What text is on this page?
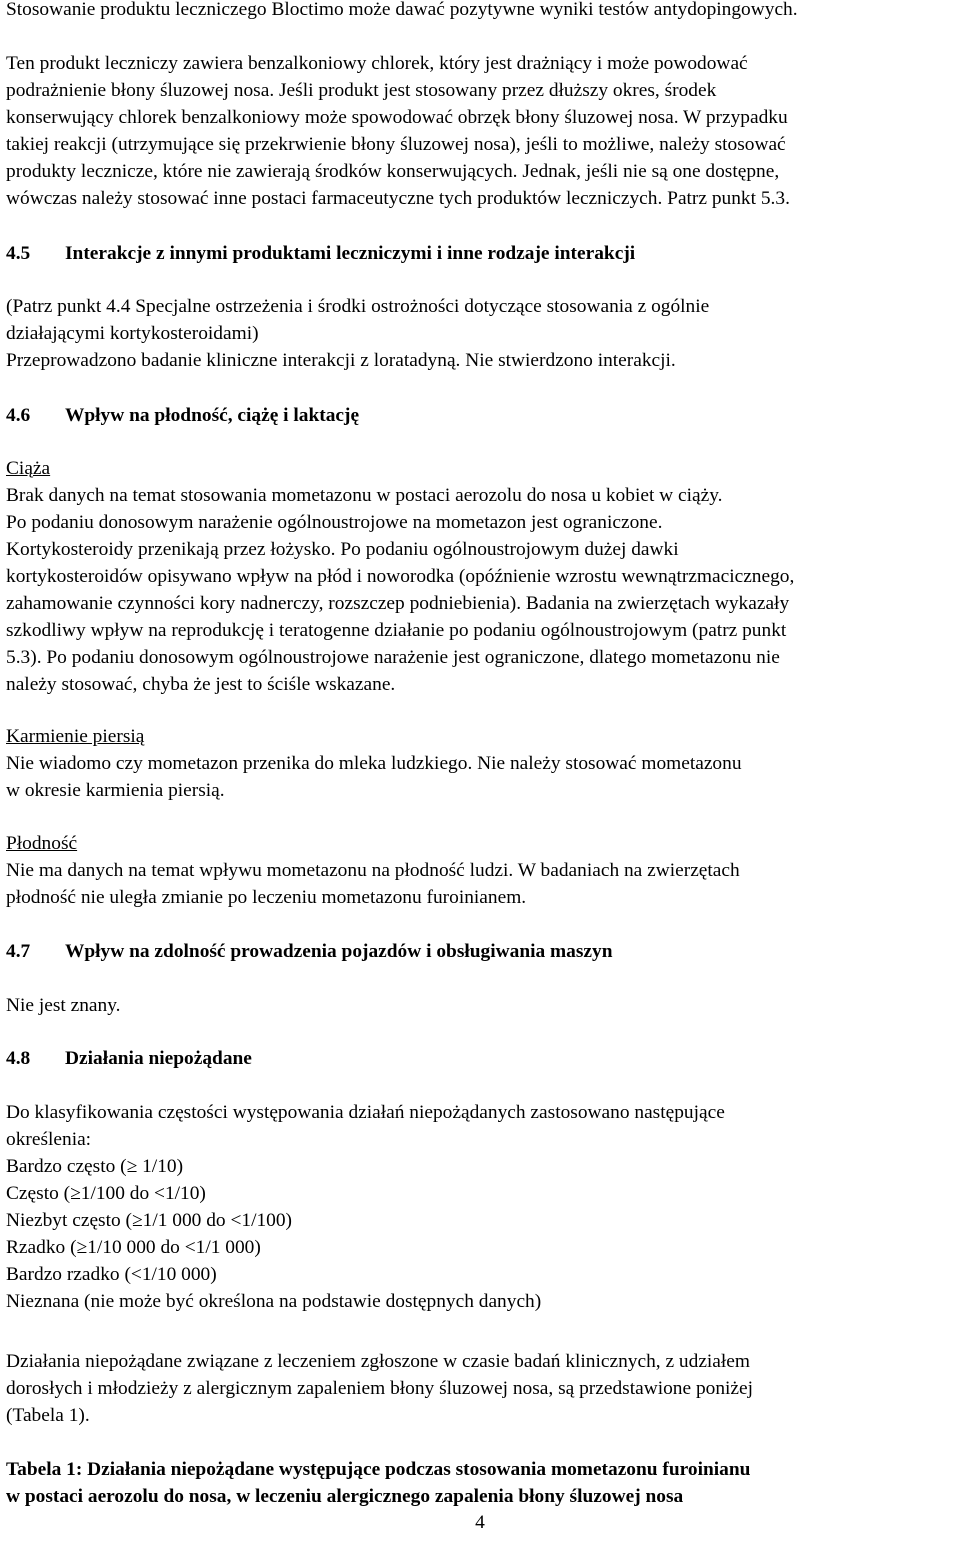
Stosowanie produktu leczniczego Bloctimo może dawać pozytywne wyniki testów antydopingowych.
Ten produkt leczniczy zawiera benzalkoniowy chlorek, który jest drażniący i może powodować
podrażnienie błony śluzowej nosa. Jeśli produkt jest stosowany przez dłuższy okres, środek
konserwujący chlorek benzalkoniowy może spowodować obrzęk błony śluzowej nosa. W przypadku
takiej reakcji (utrzymujące się przekrwienie błony śluzowej nosa), jeśli to możliwe, należy stosować
produkty lecznicze, które nie zawierają środków konserwujących. Jednak, jeśli nie są one dostępne,
wówczas należy stosować inne postaci farmaceutyczne tych produktów leczniczych. Patrz punkt 5.3.
4.5 Interakcje z innymi produktami leczniczymi i inne rodzaje interakcji
(Patrz punkt 4.4 Specjalne ostrzeżenia i środki ostrożności dotyczące stosowania z ogólnie
działającymi kortykosteroidami)
Przeprowadzono badanie kliniczne interakcji z loratadyną. Nie stwierdzono interakcji.
4.6 Wpływ na płodność, ciążę i laktację
Ciąża
Brak danych na temat stosowania mometazonu w postaci aerozolu do nosa u kobiet w ciąży.
Po podaniu donosowym narażenie ogólnoustrojowe na mometazon jest ograniczone.
Kortykosteroidy przenikają przez łożysko. Po podaniu ogólnoustrojowym dużej dawki
kortykosteroidów opisywano wpływ na płód i noworodka (opóźnienie wzrostu wewnątrzmacicznego,
zahamowanie czynności kory nadnerczy, rozszczep podniebienia). Badania na zwierzętach wykazały
szkodliwy wpływ na reprodukcję i teratogenne działanie po podaniu ogólnoustrojowym (patrz punkt
5.3). Po podaniu donosowym ogólnoustrojowe narażenie jest ograniczone, dlatego mometazonu nie
należy stosować, chyba że jest to ściśle wskazane.
Karmienie piersią
Nie wiadomo czy mometazon przenika do mleka ludzkiego. Nie należy stosować mometazonu
w okresie karmienia piersią.
Płodność
Nie ma danych na temat wpływu mometazonu na płodność ludzi. W badaniach na zwierzętach
płodność nie uległa zmianie po leczeniu mometazonu furoinianem.
4.7 Wpływ na zdolność prowadzenia pojazdów i obsługiwania maszyn
Nie jest znany.
4.8 Działania niepożądane
Do klasyfikowania częstości występowania działań niepożądanych zastosowano następujące
określenia:
Bardzo często (≥ 1/10)
Często (≥1/100 do <1/10)
Niezbyt często (≥1/1 000 do <1/100)
Rzadko (≥1/10 000 do <1/1 000)
Bardzo rzadko (<1/10 000)
Nieznana (nie może być określona na podstawie dostępnych danych)
Działania niepożądane związane z leczeniem zgłoszone w czasie badań klinicznych, z udziałem
dorosłych i młodzieży z alergicznym zapaleniem błony śluzowej nosa, są przedstawione poniżej
(Tabela 1).
Tabela 1: Działania niepożądane występujące podczas stosowania mometazonu furoinianu
w postaci aerozolu do nosa, w leczeniu alergicznego zapalenia błony śluzowej nosa
4
